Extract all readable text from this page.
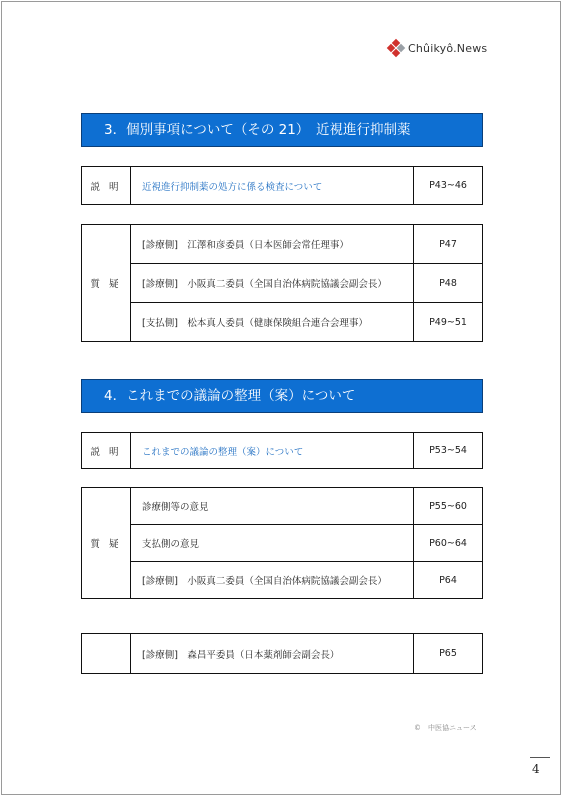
Chûikyô.News
3．個別事項について（その 21）　近視進行抑制薬
説 明	近視進行抑制薬の処方に係る検査について	P43~46
質 疑	[診療側]　江澤和彦委員（日本医師会常任理事）	P47
	[診療側]　小阪真二委員（全国自治体病院協議会副会長）	P48
	[支払側]　松本真人委員（健康保険組合連合会理事）	P49~51
4．これまでの議論の整理（案）について
説 明	これまでの議論の整理（案）について	P53~54
質 疑	診療側等の意見	P55~60
	支払側の意見	P60~64
	[診療側]　小阪真二委員（全国自治体病院協議会副会長）	P64
	[診療側]　森昌平委員（日本薬剤師会副会長）	P65
©　中医協ニュース
4
